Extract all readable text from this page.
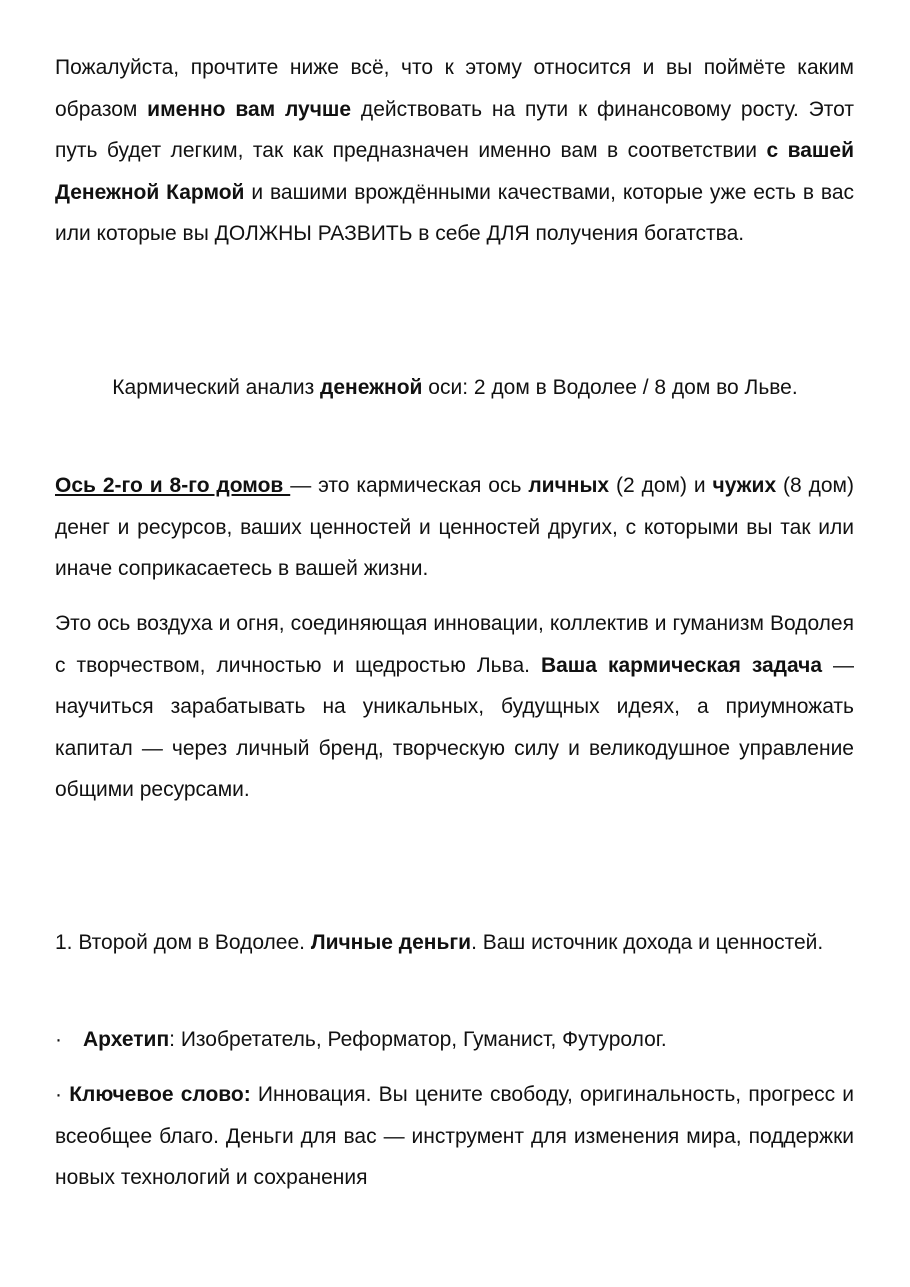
Пожалуйста, прочтите ниже всё, что к этому относится и вы поймёте каким образом именно вам лучше действовать на пути к финансовому росту. Этот путь будет легким, так как предназначен именно вам в соответствии с вашей Денежной Кармой и вашими врождёнными качествами, которые уже есть в вас или которые вы ДОЛЖНЫ РАЗВИТЬ в себе ДЛЯ получения богатства.

Кармический анализ денежной оси: 2 дом в Водолее / 8 дом во Льве.

Ось 2-го и 8-го домов — это кармическая ось личных (2 дом) и чужих (8 дом) денег и ресурсов, ваших ценностей и ценностей других, с которыми вы так или иначе соприкасаетесь в вашей жизни.

Это ось воздуха и огня, соединяющая инновации, коллектив и гуманизм Водолея с творчеством, личностью и щедростью Льва. Ваша кармическая задача — научиться зарабатывать на уникальных, будущных идеях, а приумножать капитал — через личный бренд, творческую силу и великодушное управление общими ресурсами.

1. Второй дом в Водолее. Личные деньги. Ваш источник дохода и ценностей.

· Архетип: Изобретатель, Реформатор, Гуманист, Футуролог.

· Ключевое слово: Инновация. Вы цените свободу, оригинальность, прогресс и всеобщее благо. Деньги для вас — инструмент для изменения мира, поддержки новых технологий и сохранения
